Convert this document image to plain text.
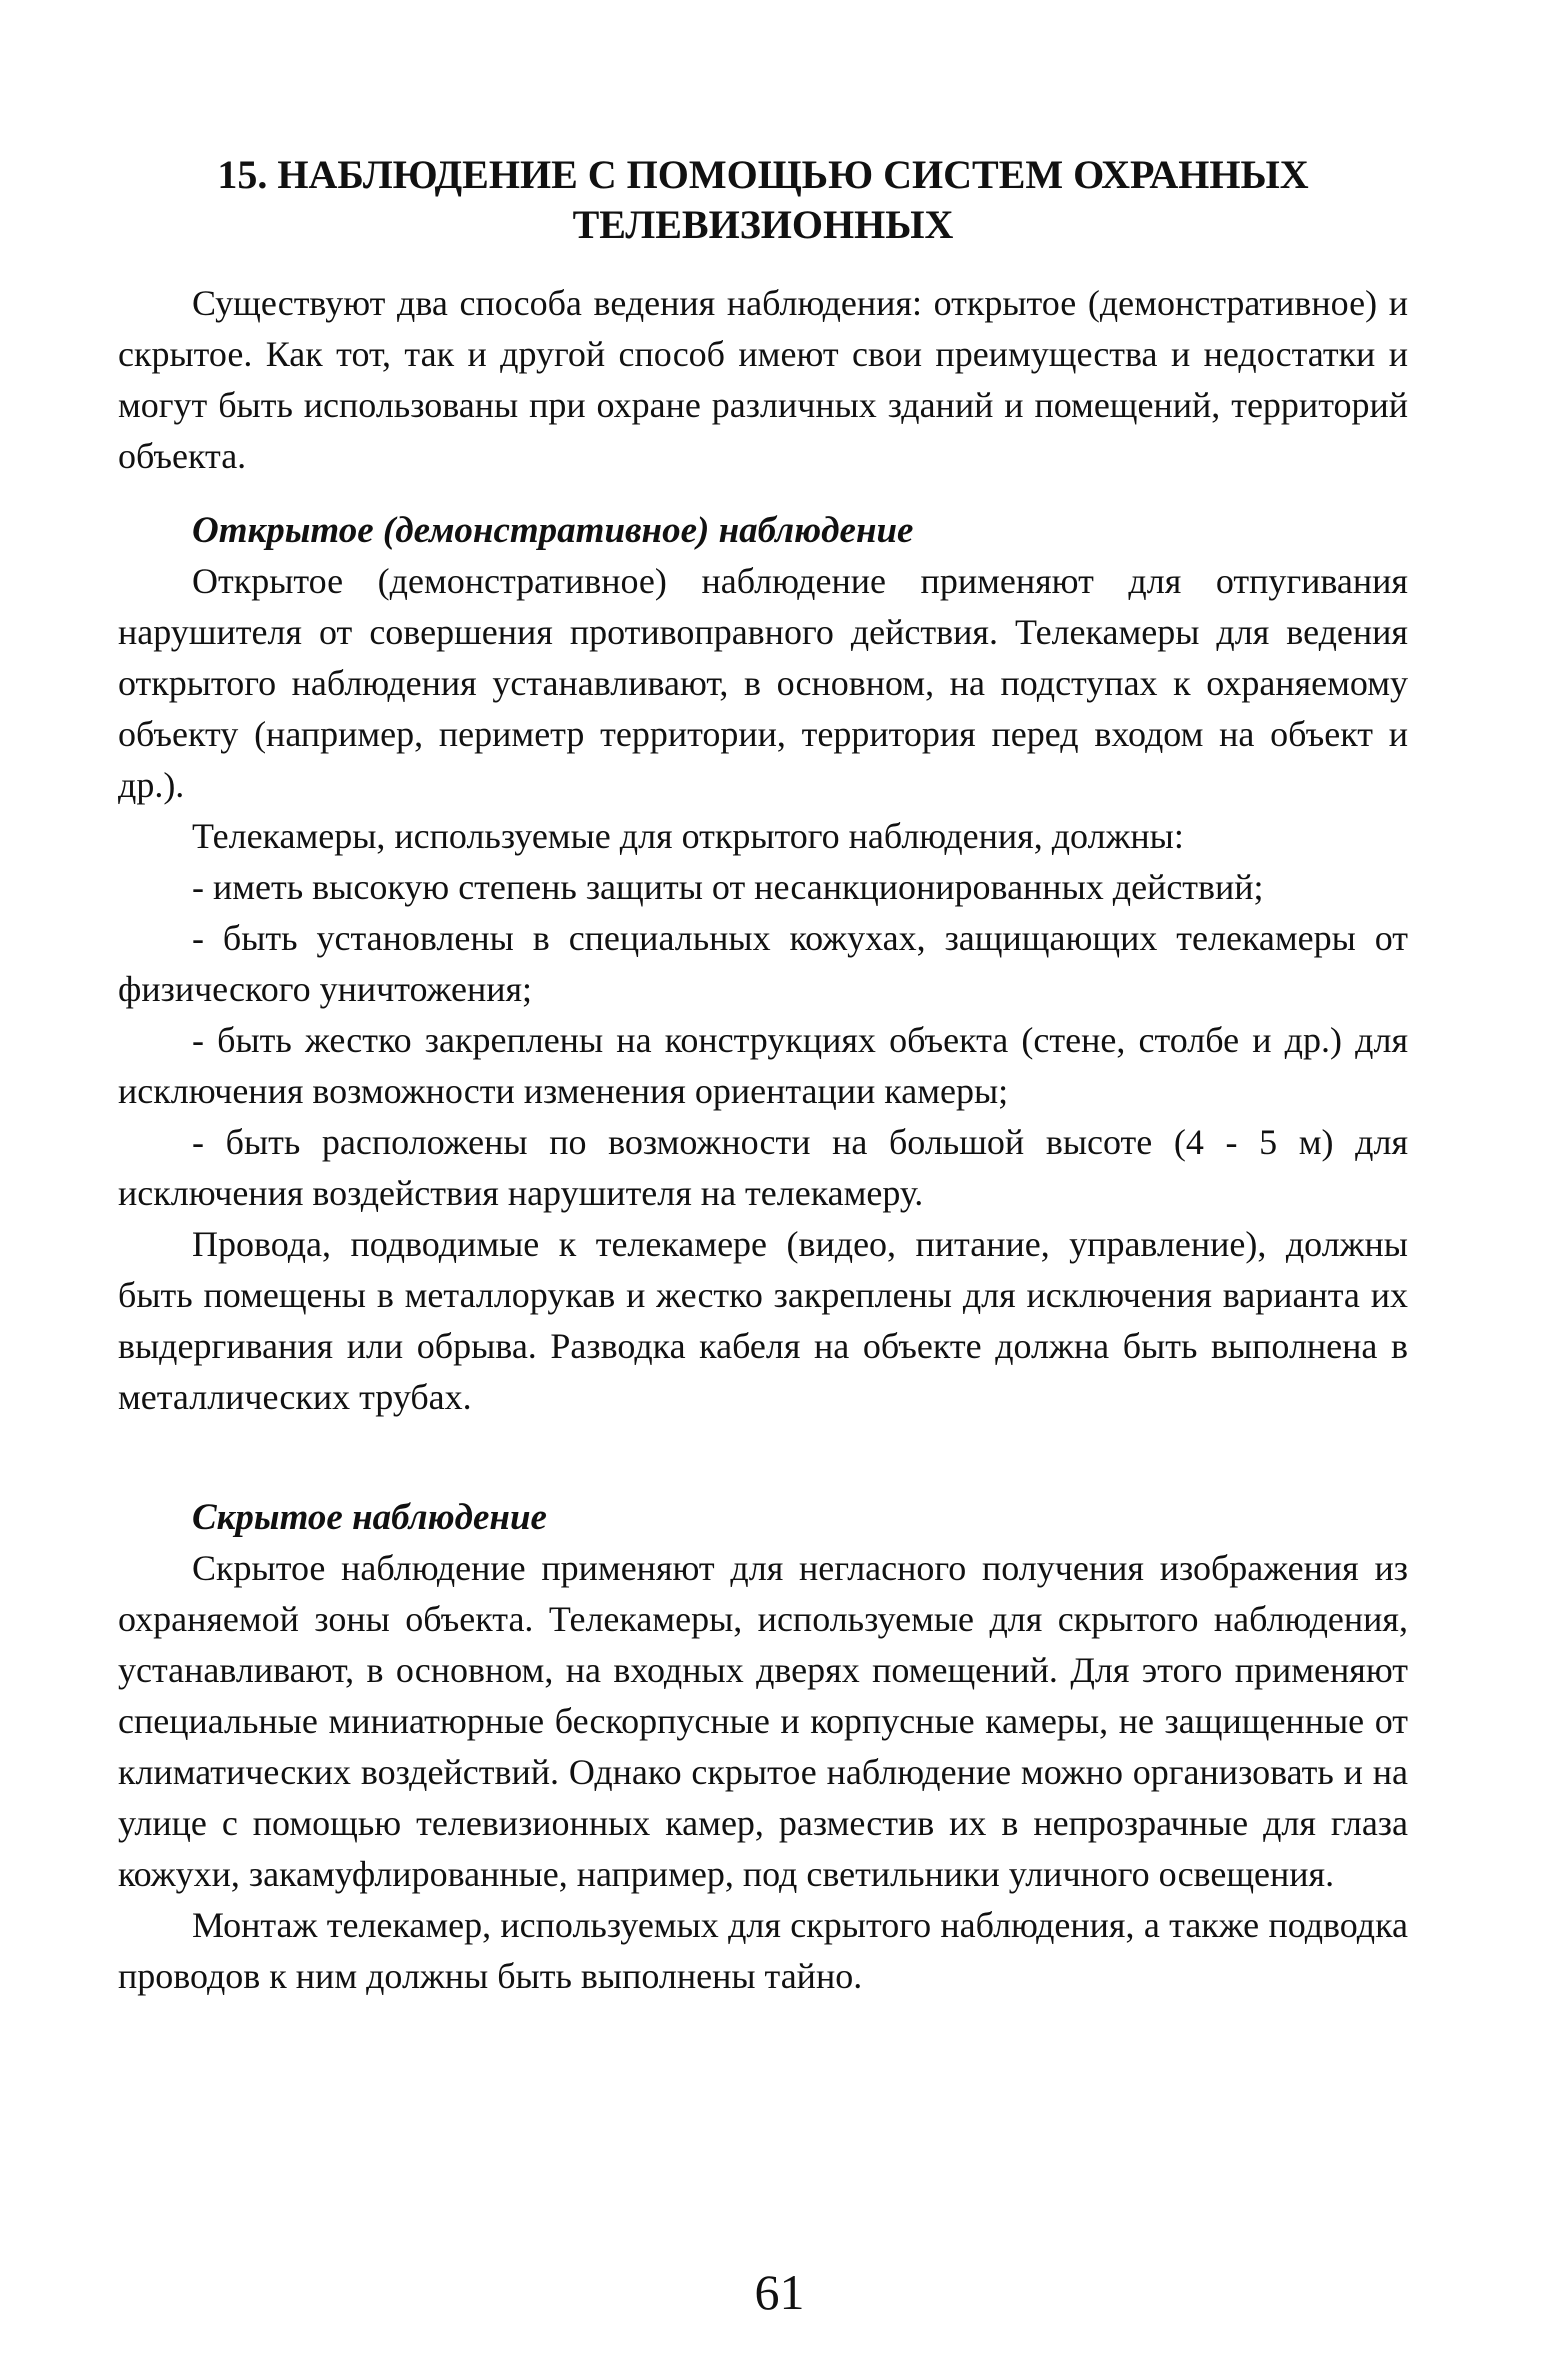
15. НАБЛЮДЕНИЕ С ПОМОЩЬЮ СИСТЕМ ОХРАННЫХ
ТЕЛЕВИЗИОННЫХ

Существуют два способа ведения наблюдения: открытое (демонстративное) и скрытое. Как тот, так и другой способ имеют свои преимущества и недостатки и могут быть использованы при охране различных зданий и помещений, территорий объекта.

Открытое (демонстративное) наблюдение

Открытое (демонстративное) наблюдение применяют для отпугивания нарушителя от совершения противоправного действия. Телекамеры для ведения открытого наблюдения устанавливают, в основном, на подступах к охраняемому объекту (например, периметр территории, территория перед входом на объект и др.).

Телекамеры, используемые для открытого наблюдения, должны:

- иметь высокую степень защиты от несанкционированных действий;

- быть установлены в специальных кожухах, защищающих телекамеры от физического уничтожения;

- быть жестко закреплены на конструкциях объекта (стене, столбе и др.) для исключения возможности изменения ориентации камеры;

- быть расположены по возможности на большой высоте (4 - 5 м) для исключения воздействия нарушителя на телекамеру.

Провода, подводимые к телекамере (видео, питание, управление), должны быть помещены в металлорукав и жестко закреплены для исключения варианта их выдергивания или обрыва. Разводка кабеля на объекте должна быть выполнена в металлических трубах.

Скрытое наблюдение

Скрытое наблюдение применяют для негласного получения изображения из охраняемой зоны объекта. Телекамеры, используемые для скрытого наблюдения, устанавливают, в основном, на входных дверях помещений. Для этого применяют специальные миниатюрные бескорпусные и корпусные камеры, не защищенные от климатических воздействий. Однако скрытое наблюдение можно организовать и на улице с помощью телевизионных камер, разместив их в непрозрачные для глаза кожухи, закамуфлированные, например, под светильники уличного освещения.

Монтаж телекамер, используемых для скрытого наблюдения, а также подводка проводов к ним должны быть выполнены тайно.

61
